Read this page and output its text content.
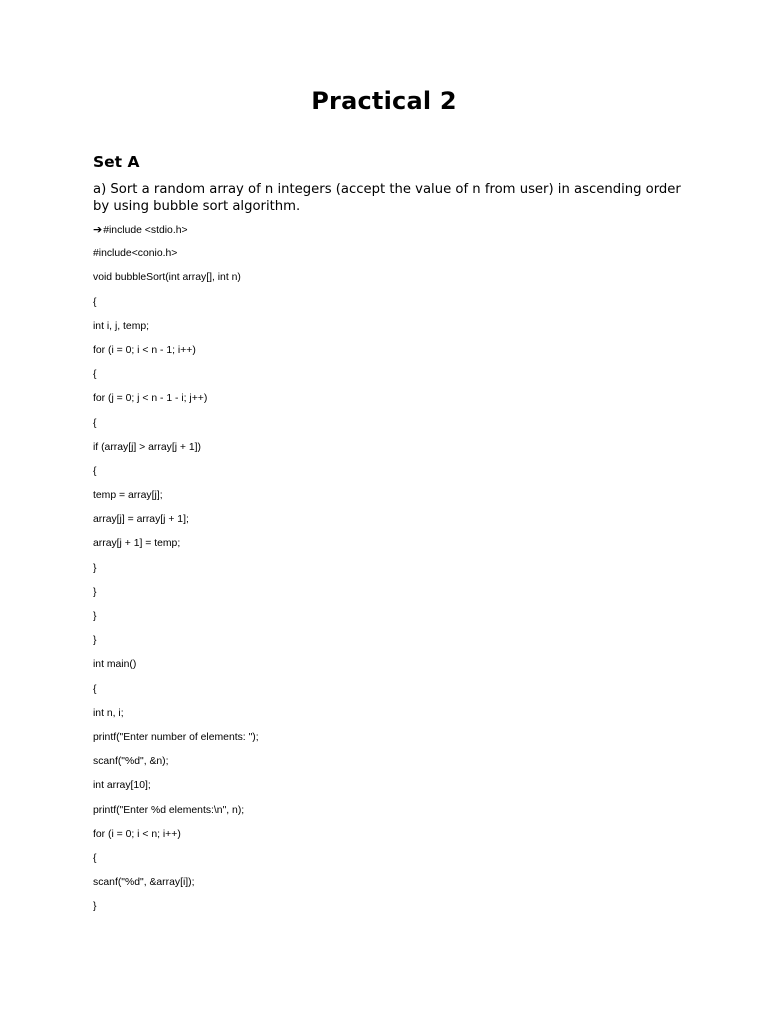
Practical 2
Set A
a) Sort a random array of n integers (accept the value of n from user) in ascending order by using bubble sort algorithm.
➔#include <stdio.h>
#include<conio.h>
void bubbleSort(int array[], int n)
{
int i, j, temp;
for (i = 0; i < n - 1; i++)
{
for (j = 0; j < n - 1 - i; j++)
{
if (array[j] > array[j + 1])
{
temp = array[j];
array[j] = array[j + 1];
array[j + 1] = temp;
}
}
}
}
int main()
{
int n, i;
printf("Enter number of elements: ");
scanf("%d", &n);
int array[10];
printf("Enter %d elements:\n", n);
for (i = 0; i < n; i++)
{
scanf("%d", &array[i]);
}
